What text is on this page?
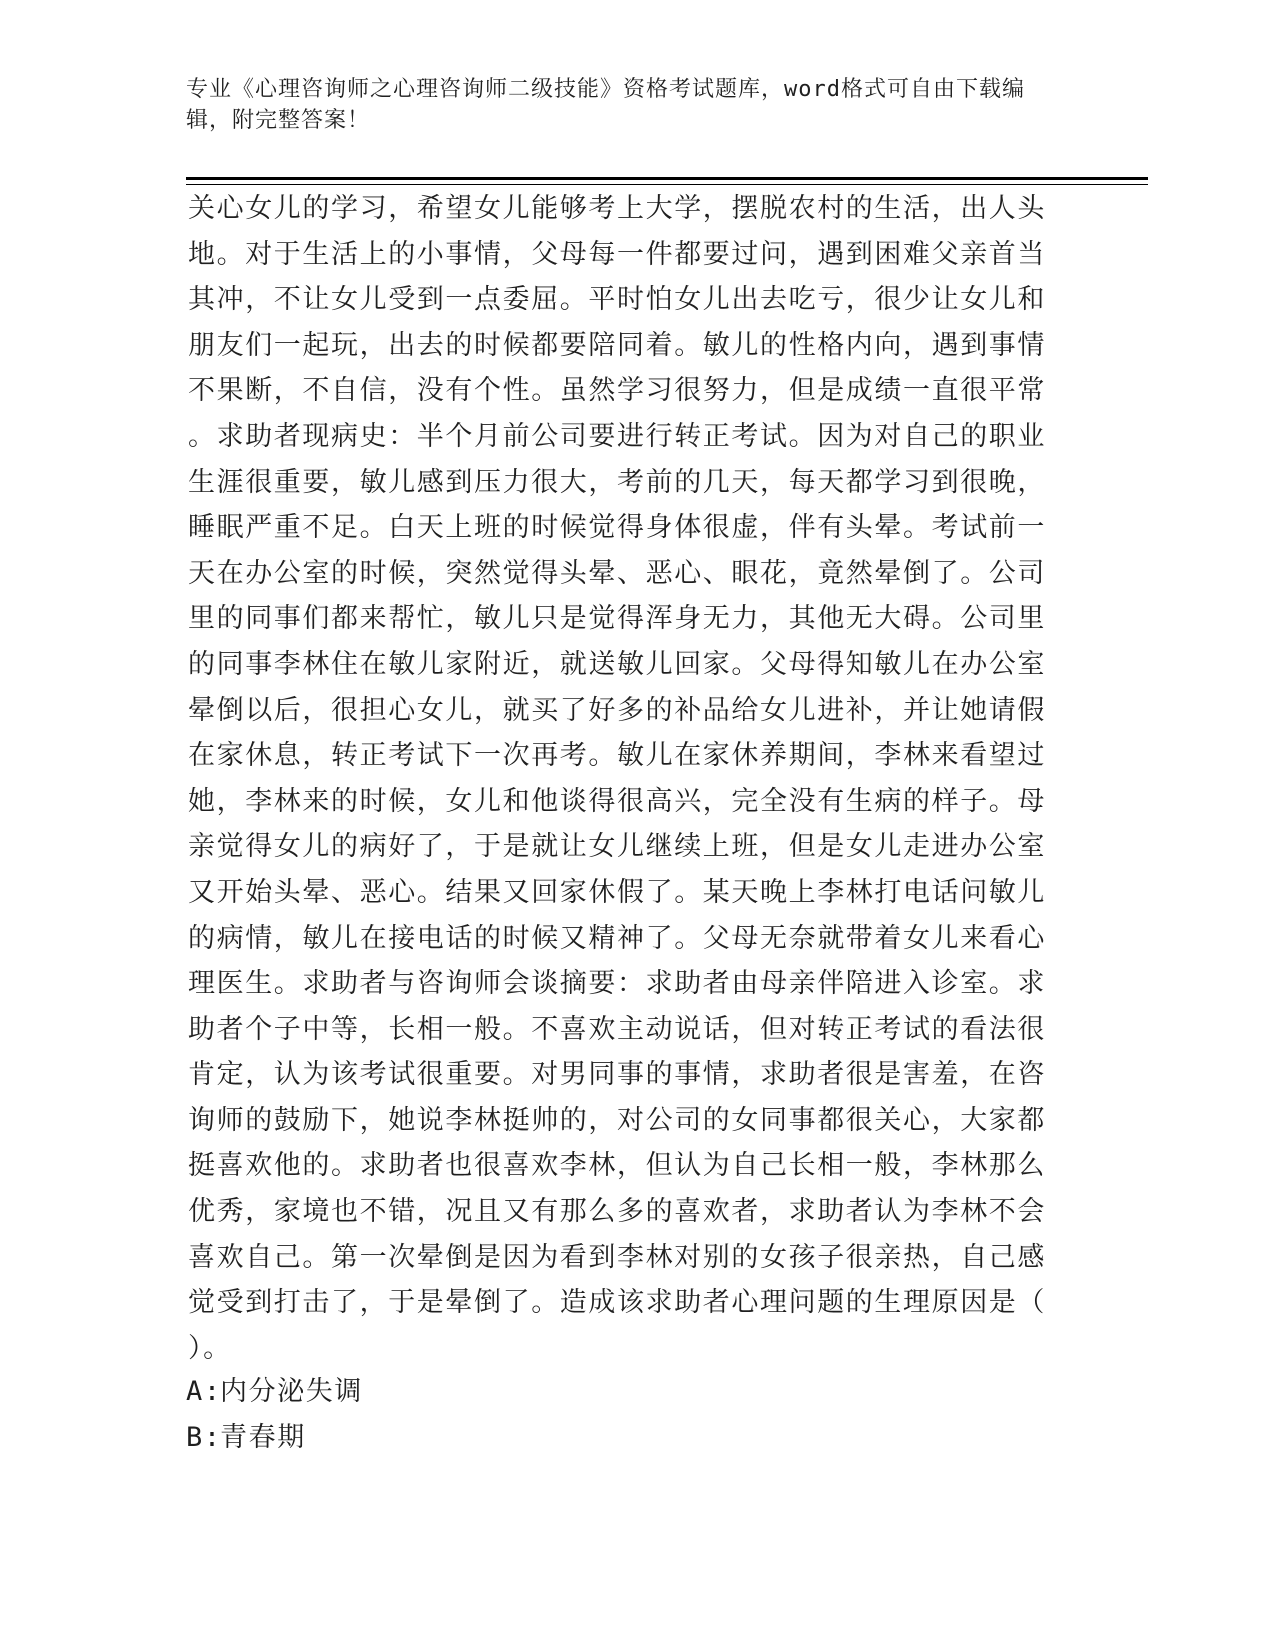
专业《心理咨询师之心理咨询师二级技能》资格考试题库，word格式可自由下载编辑，附完整答案！
关心女儿的学习，希望女儿能够考上大学，摆脱农村的生活，出人头
地。对于生活上的小事情，父母每一件都要过问，遇到困难父亲首当
其冲，不让女儿受到一点委屈。平时怕女儿出去吃亏，很少让女儿和
朋友们一起玩，出去的时候都要陪同着。敏儿的性格内向，遇到事情
不果断，不自信，没有个性。虽然学习很努力，但是成绩一直很平常
。求助者现病史：半个月前公司要进行转正考试。因为对自己的职业
生涯很重要，敏儿感到压力很大，考前的几天，每天都学习到很晚，
睡眠严重不足。白天上班的时候觉得身体很虚，伴有头晕。考试前一
天在办公室的时候，突然觉得头晕、恶心、眼花，竟然晕倒了。公司
里的同事们都来帮忙，敏儿只是觉得浑身无力，其他无大碍。公司里
的同事李林住在敏儿家附近，就送敏儿回家。父母得知敏儿在办公室
晕倒以后，很担心女儿，就买了好多的补品给女儿进补，并让她请假
在家休息，转正考试下一次再考。敏儿在家休养期间，李林来看望过
她，李林来的时候，女儿和他谈得很高兴，完全没有生病的样子。母
亲觉得女儿的病好了，于是就让女儿继续上班，但是女儿走进办公室
又开始头晕、恶心。结果又回家休假了。某天晚上李林打电话问敏儿
的病情，敏儿在接电话的时候又精神了。父母无奈就带着女儿来看心
理医生。求助者与咨询师会谈摘要：求助者由母亲伴陪进入诊室。求
助者个子中等，长相一般。不喜欢主动说话，但对转正考试的看法很
肯定，认为该考试很重要。对男同事的事情，求助者很是害羞，在咨
询师的鼓励下，她说李林挺帅的，对公司的女同事都很关心，大家都
挺喜欢他的。求助者也很喜欢李林，但认为自己长相一般，李林那么
优秀，家境也不错，况且又有那么多的喜欢者，求助者认为李林不会
喜欢自己。第一次晕倒是因为看到李林对别的女孩子很亲热，自己感
觉受到打击了，于是晕倒了。造成该求助者心理问题的生理原因是（
）。
A:内分泌失调
B:青春期
